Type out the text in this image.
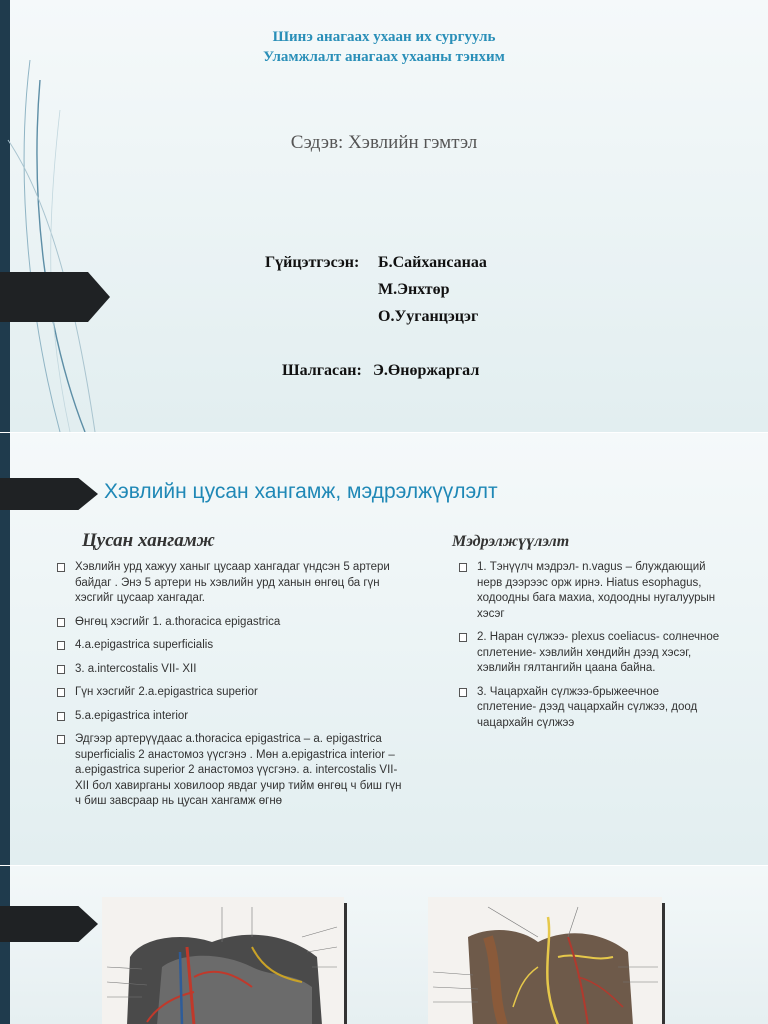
Шинэ анагаах ухаан их сургууль
Уламжлалт анагаах ухааны тэнхим
Сэдэв: Хэвлийн гэмтэл
Гүйцэтгэсэн: Б.Сайхансанаа
М.Энхтөр
О.Ууганцэцэг
Шалгасан: Э.Өнөржаргал
Хэвлийн цусан хангамж, мэдрэлжүүлэлт
Цусан хангамж
Хэвлийн урд хажуу ханыг цусаар хангадаг үндсэн 5 артери байдаг . Энэ 5 артери нь хэвлийн урд ханын өнгөц ба гүн хэсгийг цусаар хангадаг.
Өнгөц хэсгийг 1. a.thoracica epigastrica
4.a.epigastrica superficialis
3. a.intercostalis VII- XII
Гүн хэсгийг 2.a.epigastrica superior
5.a.epigastrica interior
Эдгээр артерүүдаас a.thoracica epigastrica – a. epigastrica superficialis 2 анастомоз үүсгэнэ . Мөн a.epigastrica interior – a.epigastrica superior 2 анастомоз үүсгэнэ. a. intercostalis VII-XII бол хавирганы ховилоор явдаг учир тийм өнгөц ч биш гүн ч биш завсраар нь цусан хангамж өгнө
Мэдрэлжүүлэлт
1. Тэнүүлч мэдрэл- n.vagus – блуждающий нерв дээрээс орж ирнэ. Hiatus esophagus, ходоодны бага махиа, ходоодны нугалуурын хэсэг
2. Наран сүлжээ- plexus coeliacus- солнечное сплетение- хэвлийн хөндийн дээд хэсэг, хэвлийн гялтангийн цаана байна.
3. Чацархайн сүлжээ-брыжеечное сплетение- дээд чацархайн сүлжээ, доод чацархайн сүлжээ
